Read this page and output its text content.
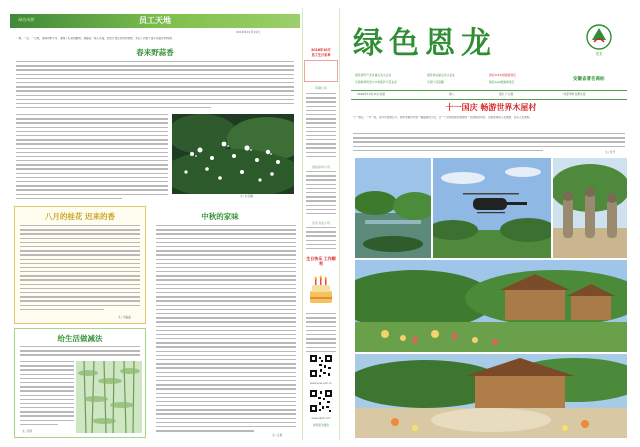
绿色出版	员工天地
2016年10月15日
一株、一丛、一山坡，绿绿的野小草，要嗅了轻香的翻晒，被揣着一抹人李漫，依然开放在田地和坡地，养活了我整个童年的美好的味道。
春来野蒜香
文 / 朴宏濂
八月的桂花 迟来的香
文 / 刘晶晶
中秋的家味
文 / 汪新
给生活做减法
文 / 殷泽
2016年10月
员工生日名单
印刷公司
绿色彩印公司
贝壳书业公司
生日快乐 工作顺利
www.sina.com.cn
www.ellyit.com
绿色恩龙微信
绿色恩龙	恩龙
国家绿印产业化重点龙头企业	国家林业重点龙头企业	国家★★★级旅游景区
全国林草防治与木材保护示范企业	全国十佳苗圃	国家AAA级旅游景区	安徽省著名商标
2016年10月15日出版	第八	第九十七期	（内部刊物 免费交流）
十一国庆 畅游世界木屋村
十一国庆，一年一度，而今年的国庆节，世界木屋村开展一番盛装的大会，让一个全新的绿色旅游线一位游客的同伴，让游客体验人生旅游、自家人民绿地。
文 / 杜开
